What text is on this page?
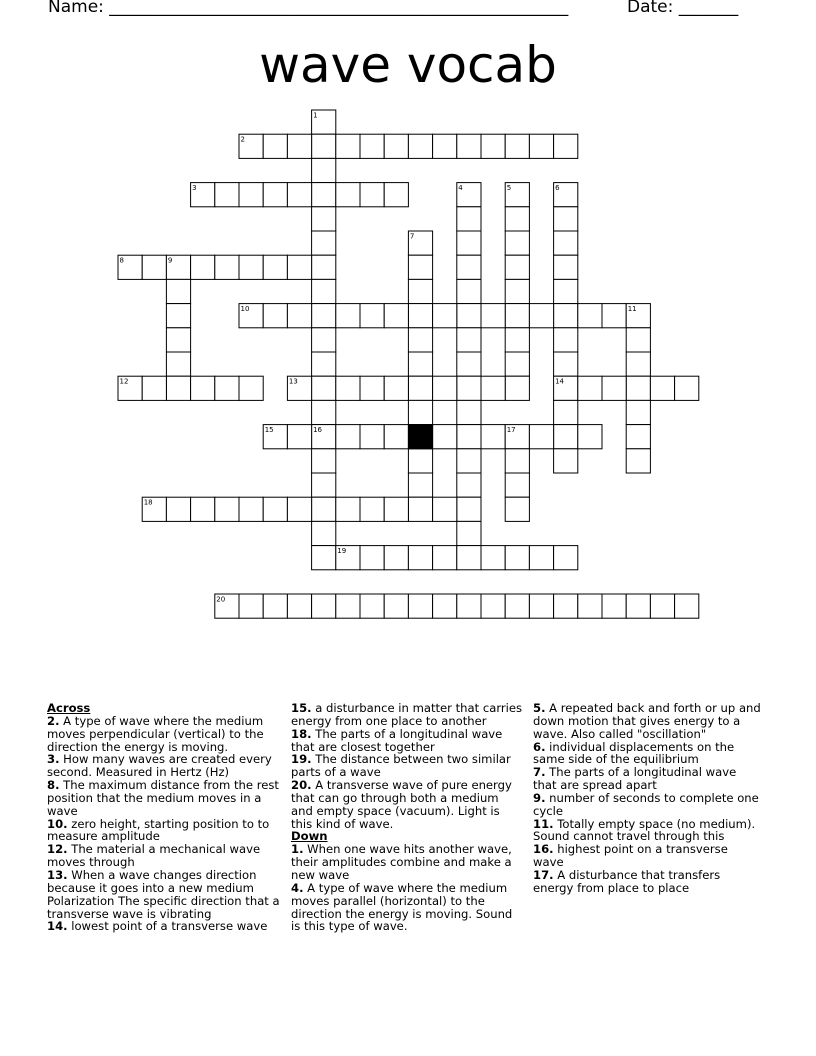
Name: ______________________________________________________	Date: _______
wave vocab
1
2
3	4	5	6
7
8	9
10	11
12	13	14
15	16	17
18
19
20
Across
2. A type of wave where the medium moves perpendicular (vertical) to the direction the energy is moving.
3. How many waves are created every second. Measured in Hertz (Hz)
8. The maximum distance from the rest position that the medium moves in a wave
10. zero height, starting position to to measure amplitude
12. The material a mechanical wave moves through
13. When a wave changes direction because it goes into a new medium Polarization The specific direction that a transverse wave is vibrating
14. lowest point of a transverse wave
15. a disturbance in matter that carries energy from one place to another
18. The parts of a longitudinal wave that are closest together
19. The distance between two similar parts of a wave
20. A transverse wave of pure energy that can go through both a medium and empty space (vacuum). Light is this kind of wave.
Down
1. When one wave hits another wave, their amplitudes combine and make a new wave
4. A type of wave where the medium moves parallel (horizontal) to the direction the energy is moving. Sound is this type of wave.
5. A repeated back and forth or up and down motion that gives energy to a wave. Also called "oscillation"
6. individual displacements on the same side of the equilibrium
7. The parts of a longitudinal wave that are spread apart
9. number of seconds to complete one cycle
11. Totally empty space (no medium). Sound cannot travel through this
16. highest point on a transverse wave
17. A disturbance that transfers energy from place to place
